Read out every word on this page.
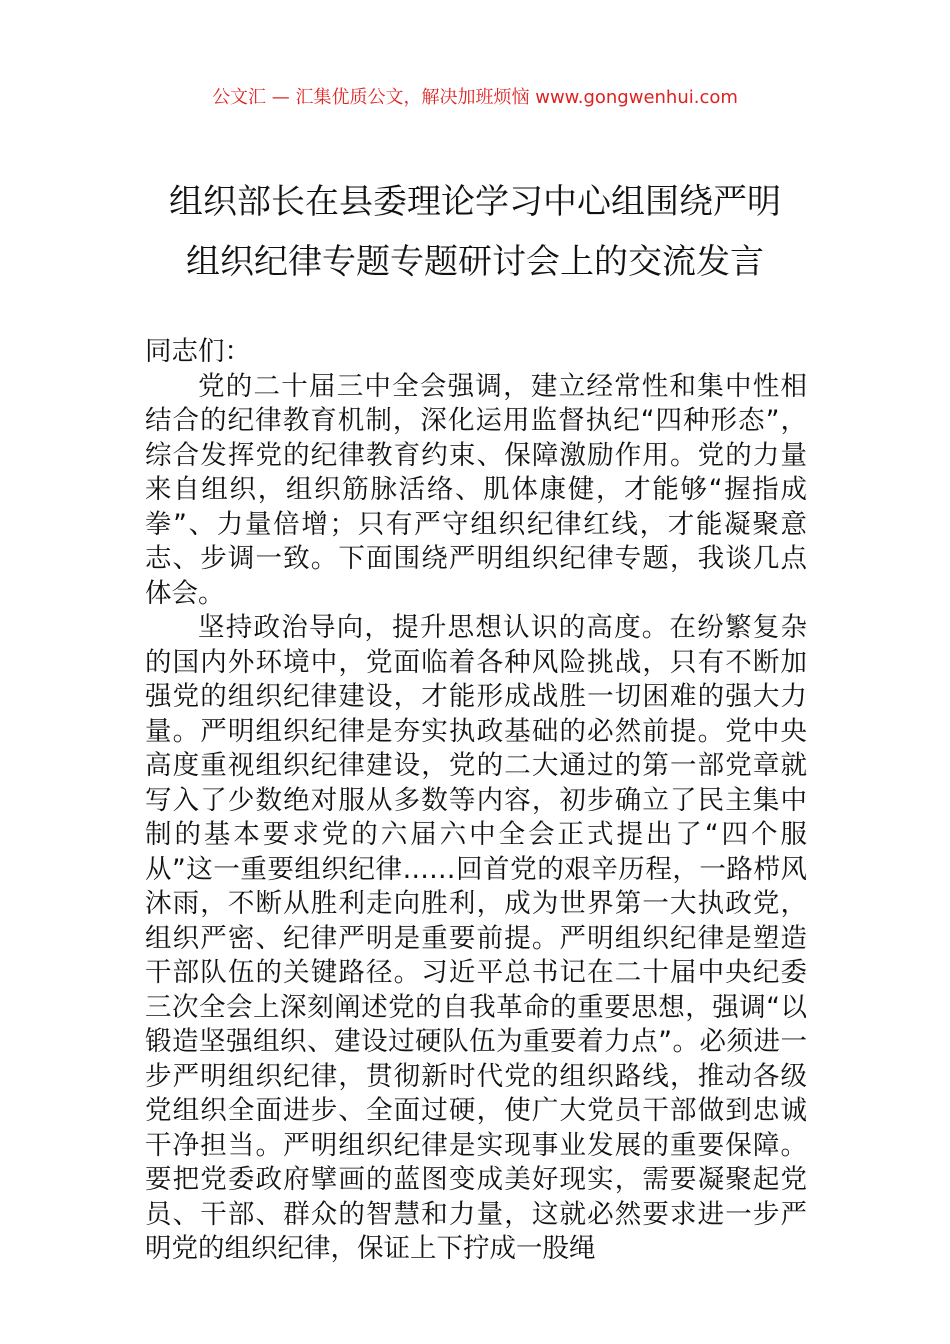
公文汇 — 汇集优质公文，解决加班烦恼 www.gongwenhui.com
组织部长在县委理论学习中心组围绕严明
组织纪律专题专题研讨会上的交流发言

同志们：

党的二十届三中全会强调，建立经常性和集中性相结合的纪律教育机制，深化运用监督执纪“四种形态”，综合发挥党的纪律教育约束、保障激励作用。党的力量来自组织，组织筋脉活络、肌体康健，才能够“握指成拳”、力量倍增；只有严守组织纪律红线，才能凝聚意志、步调一致。下面围绕严明组织纪律专题，我谈几点体会。

坚持政治导向，提升思想认识的高度。在纷繁复杂的国内外环境中，党面临着各种风险挑战，只有不断加强党的组织纪律建设，才能形成战胜一切困难的强大力量。严明组织纪律是夯实执政基础的必然前提。党中央高度重视组织纪律建设，党的二大通过的第一部党章就写入了少数绝对服从多数等内容，初步确立了民主集中制的基本要求党的六届六中全会正式提出了“四个服从”这一重要组织纪律……回首党的艰辛历程，一路栉风沐雨，不断从胜利走向胜利，成为世界第一大执政党，组织严密、纪律严明是重要前提。严明组织纪律是塑造干部队伍的关键路径。习近平总书记在二十届中央纪委三次全会上深刻阐述党的自我革命的重要思想，强调“以锻造坚强组织、建设过硬队伍为重要着力点”。必须进一步严明组织纪律，贯彻新时代党的组织路线，推动各级党组织全面进步、全面过硬，使广大党员干部做到忠诚干净担当。严明组织纪律是实现事业发展的重要保障。要把党委政府擘画的蓝图变成美好现实，需要凝聚起党员、干部、群众的智慧和力量，这就必然要求进一步严明党的组织纪律，保证上下拧成一股绳
